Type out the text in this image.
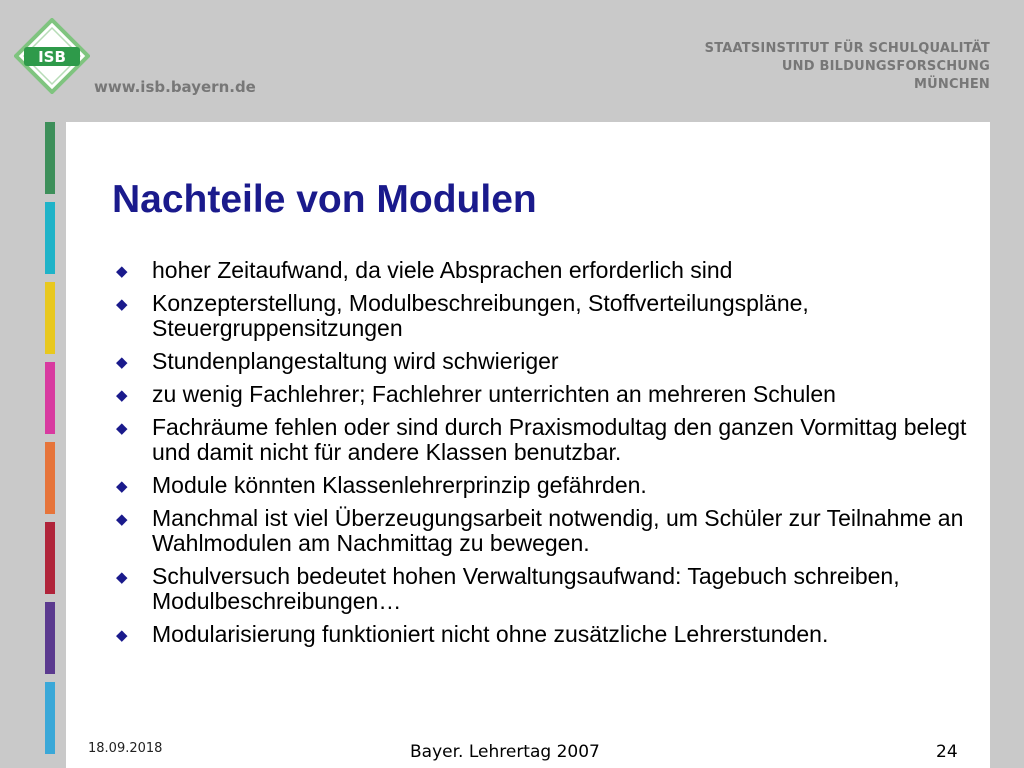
ISB
www.isb.bayern.de
STAATSINSTITUT FÜR SCHULQUALITÄT
UND BILDUNGSFORSCHUNG
MÜNCHEN
Nachteile von Modulen
◆ hoher Zeitaufwand, da viele Absprachen erforderlich sind
◆ Konzepterstellung, Modulbeschreibungen, Stoffverteilungspläne, Steuergruppensitzungen
◆ Stundenplangestaltung wird schwieriger
◆ zu wenig Fachlehrer; Fachlehrer unterrichten an mehreren Schulen
◆ Fachräume fehlen oder sind durch Praxismodultag den ganzen Vormittag belegt und damit nicht für andere Klassen benutzbar.
◆ Module könnten Klassenlehrerprinzip gefährden.
◆ Manchmal ist viel Überzeugungsarbeit notwendig, um Schüler zur Teilnahme an Wahlmodulen am Nachmittag zu bewegen.
◆ Schulversuch bedeutet hohen Verwaltungsaufwand: Tagebuch schreiben, Modulbeschreibungen…
◆ Modularisierung funktioniert nicht ohne zusätzliche Lehrerstunden.
18.09.2018	Bayer. Lehrertag 2007	24
